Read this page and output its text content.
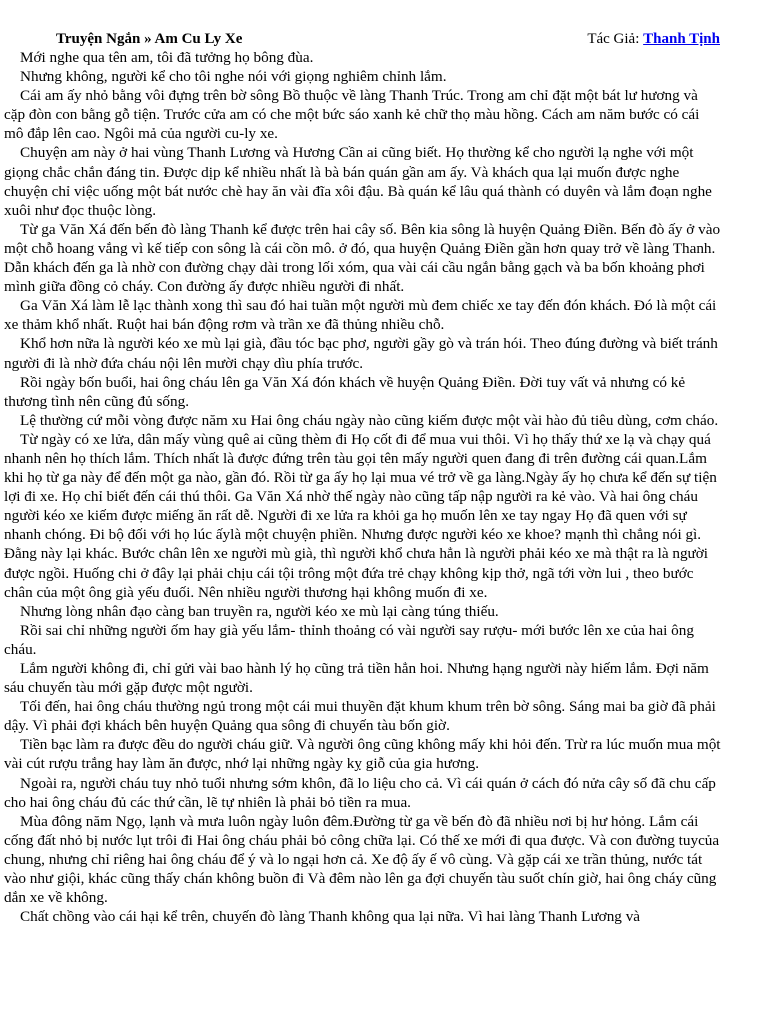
Truyện Ngắn » Am Cu Ly Xe	Tác Giả: Thanh Tịnh

Mới nghe qua tên am, tôi đã tưởng họ bông đùa.

Nhưng không, người kể cho tôi nghe nói với giọng nghiêm chỉnh lắm.

Cái am ấy nhỏ bằng vôi đựng trên bờ sông Bồ thuộc về làng Thanh Trúc. Trong am chỉ đặt một bát lư hương và cặp đòn con bằng gỗ tiện. Trước cửa am có che một bức sáo xanh kẻ chữ thọ màu hồng. Cách am năm bước có cái mô đắp lên cao. Ngôi mả của người cu-ly xe.

Chuyện am này ở hai vùng Thanh Lương và Hương Cần ai cũng biết. Họ thường kể cho người lạ nghe với một giọng chắc chắn đáng tin. Được dịp kể nhiều nhất là bà bán quán gần am ấy. Và khách qua lại muốn được nghe chuyện chỉ việc uống một bát nước chè hay ăn vài đĩa xôi đậu. Bà quán kể lâu quá thành có duyên và lắm đoạn nghe xuôi như đọc thuộc lòng.

Từ ga Văn Xá đến bến đò làng Thanh kể được trên hai cây số. Bên kia sông là huyện Quảng Điền. Bến đò ấy ở vào một chỗ hoang vắng vì kế tiếp con sông là cái cồn mô. ở đó, qua huyện Quảng Điền gần hơn quay trở về làng Thanh. Dẫn khách đến ga là nhờ con đường chạy dài trong lối xóm, qua vài cái cầu ngắn bằng gạch và ba bốn khoảng phơi mình giữa đồng cỏ cháy. Con đường ấy được nhiều người đi nhất.

Ga Văn Xá làm lễ lạc thành xong thì sau đó hai tuần một người mù đem chiếc xe tay đến đón khách. Đó là một cái xe thảm khổ nhất. Ruột hai bán động rơm và trần xe đã thủng nhiều chỗ.

Khổ hơn nữa là người kéo xe mù lại già, đầu tóc bạc phơ, người gầy gò và trán hói. Theo đúng đường và biết tránh người đi là nhờ đứa cháu nội lên mười chạy dìu phía trước.

Rồi ngày bốn buổi, hai ông cháu lên ga Văn Xá đón khách về huyện Quảng Điền. Đời tuy vất vả nhưng có kẻ thương tình nên cũng đủ sống.

Lệ thường cứ mỗi vòng được năm xu Hai ông cháu ngày nào cũng kiếm được một vài hào đủ tiêu dùng, cơm cháo.

Từ ngày có xe lửa, dân mấy vùng quê ai cũng thèm đi Họ cốt đi để mua vui thôi. Vì họ thấy thứ xe lạ và chạy quá nhanh nên họ thích lắm. Thích nhất là được đứng trên tàu gọi tên mấy người quen đang đi trên đường cái quan.Lắm khi họ từ ga này để đến một ga nào, gần đó. Rồi từ ga ấy họ lại mua vé trở về ga làng.Ngày ấy họ chưa kể đến sự tiện lợi đi xe. Họ chỉ biết đến cái thú thôi. Ga Văn Xá nhờ thế ngày nào cũng tấp nập người ra kẻ vào. Và hai ông cháu người kéo xe kiếm được miếng ăn rất dễ. Người đi xe lửa ra khỏi ga họ muốn lên xe tay ngay Họ đã quen với sự nhanh chóng. Đi bộ đối với họ lúc ấylà một chuyện phiền. Nhưng được người kéo xe khoe? mạnh thì chẳng nói gì. Đằng này lại khác. Bước chân lên xe người mù già, thì người khổ chưa hẳn là người phải kéo xe mà thật ra là người được ngồi. Huống chi ở đây lại phải chịu cái tội trông một đứa trẻ chạy không kịp thở, ngã tới vờn lui , theo bước chân của một ông già yếu đuối. Nên nhiều người thương hại không muốn đi xe.

Nhưng lòng nhân đạo càng ban truyền ra, người kéo xe mù lại càng túng thiếu.

Rồi sai chỉ những người ốm hay già yếu lắm- thỉnh thoảng có vài người say rượu- mới bước lên xe của hai ông cháu.

Lắm người không đi, chỉ gửi vài bao hành lý họ cũng trả tiền hẳn hoi. Nhưng hạng người này hiếm lắm. Đợi năm sáu chuyến tàu mới gặp được một người.

Tối đến, hai ông cháu thường ngủ trong một cái mui thuyền đặt khum khum trên bờ sông. Sáng mai ba giờ đã phải dậy. Vì phải đợi khách bên huyện Quảng qua sông đi chuyến tàu bốn giờ.

Tiền bạc làm ra được đều do người cháu giữ. Và người ông cũng không mấy khi hỏi đến. Trừ ra lúc muốn mua một vài cút rượu trắng hay làm ăn được, nhớ lại những ngày kỵ giỗ của gia hương.

Ngoài ra, người cháu tuy nhỏ tuổi nhưng sớm khôn, đã lo liệu cho cả. Vì cái quán ở cách đó nửa cây số đã chu cấp cho hai ông cháu đủ các thứ cần, lẽ tự nhiên là phải bỏ tiền ra mua.

Mùa đông năm Ngọ, lạnh và mưa luôn ngày luôn đêm.Đường từ ga về bến đò đã nhiều nơi bị hư hỏng. Lắm cái cống đất nhỏ bị nước lụt trôi đi Hai ông cháu phải bỏ công chữa lại. Có thế xe mới đi qua được. Và con đường tuycủa chung, nhưng chỉ riêng hai ông cháu để ý và lo ngại hơn cả. Xe độ ấy ế vô cùng. Và gặp cái xe trần thủng, nước tát vào như giội, khác cũng thấy chán không buồn đi Và đêm nào lên ga đợi chuyến tàu suốt chín giờ, hai ông cháy cũng dắn xe về không.

Chất chồng vào cái hại kể trên, chuyến đò làng Thanh không qua lại nữa. Vì hai làng Thanh Lương và
